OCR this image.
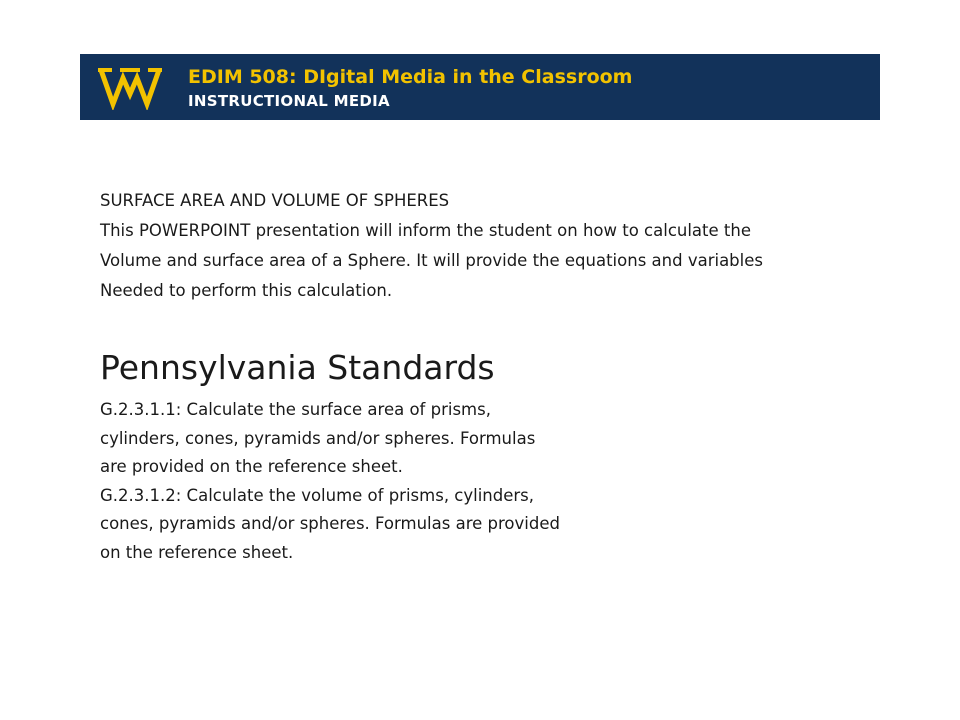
EDIM 508: DIgital Media in the Classroom
INSTRUCTIONAL MEDIA
SURFACE AREA AND VOLUME OF SPHERES
This POWERPOINT presentation will inform the student on how to calculate the
Volume and surface area of a Sphere. It will provide the equations and variables
Needed to perform this calculation.
Pennsylvania Standards
G.2.3.1.1: Calculate the surface area of prisms,
cylinders, cones, pyramids and/or spheres. Formulas
are provided on the reference sheet.
G.2.3.1.2: Calculate the volume of prisms, cylinders,
cones, pyramids and/or spheres. Formulas are provided
on the reference sheet.
